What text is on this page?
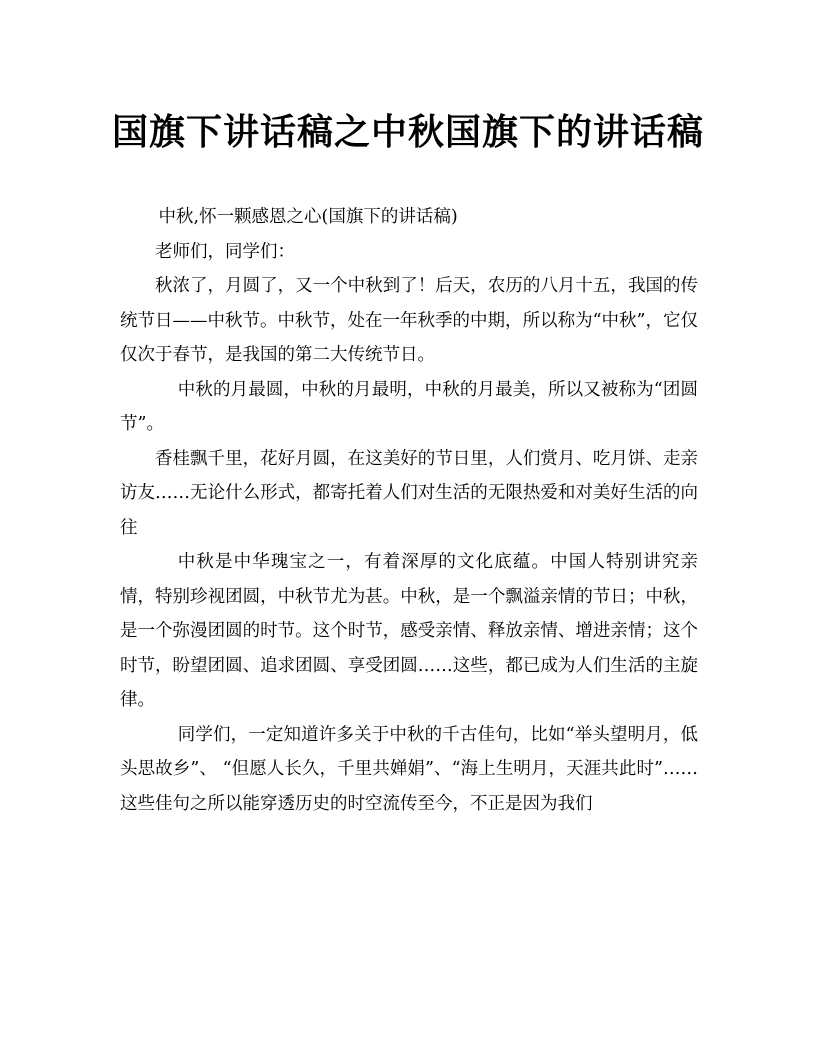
国旗下讲话稿之中秋国旗下的讲话稿

中秋,怀一颗感恩之心(国旗下的讲话稿)

老师们，同学们：

秋浓了，月圆了，又一个中秋到了！后天，农历的八月十五，我国的传统节日——中秋节。中秋节，处在一年秋季的中期，所以称为“中秋”，它仅仅次于春节，是我国的第二大传统节日。

中秋的月最圆，中秋的月最明，中秋的月最美，所以又被称为“团圆节”。

香桂飘千里，花好月圆，在这美好的节日里，人们赏月、吃月饼、走亲访友……无论什么形式，都寄托着人们对生活的无限热爱和对美好生活的向往

中秋是中华瑰宝之一，有着深厚的文化底蕴。中国人特别讲究亲情，特别珍视团圆，中秋节尤为甚。中秋，是一个飘溢亲情的节日；中秋，是一个弥漫团圆的时节。这个时节，感受亲情、释放亲情、增进亲情；这个时节，盼望团圆、追求团圆、享受团圆……这些，都已成为人们生活的主旋律。

同学们，一定知道许多关于中秋的千古佳句，比如“举头望明月，低头思故乡”、 “但愿人长久，千里共婵娟”、“海上生明月，天涯共此时”……这些佳句之所以能穿透历史的时空流传至今，不正是因为我们
